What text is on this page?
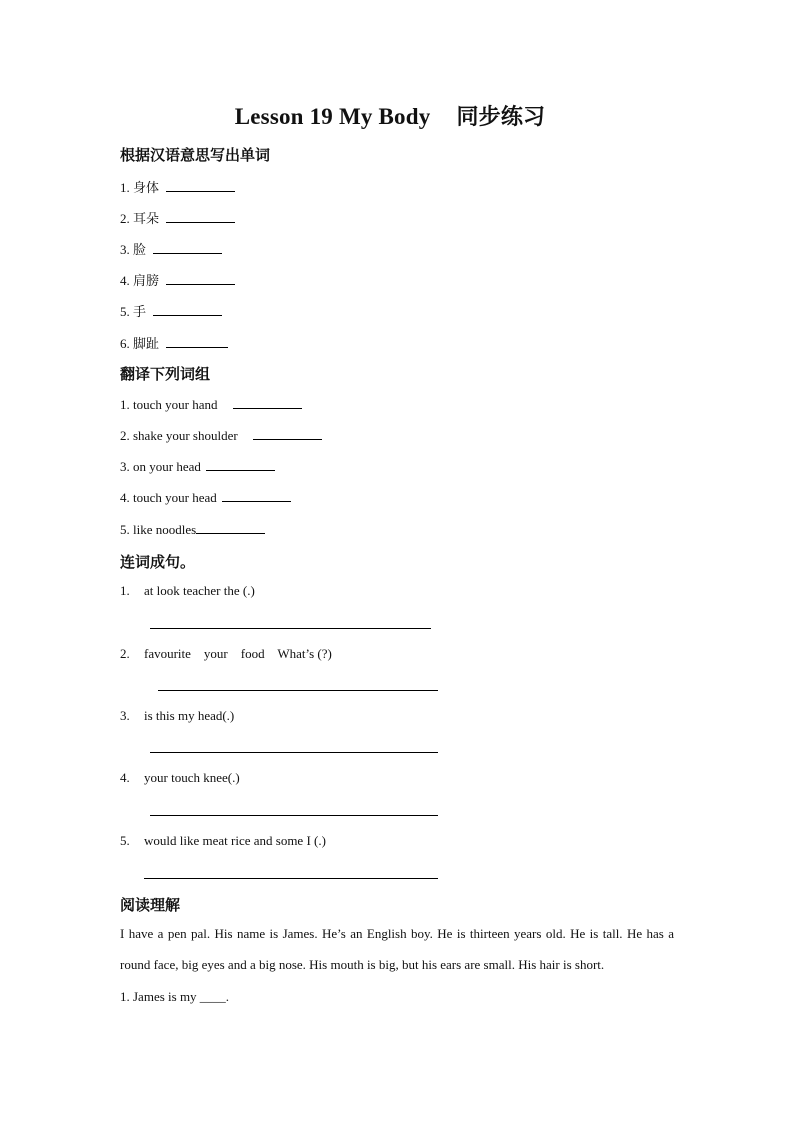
Lesson 19 My Body 同步练习
根据汉语意思写出单词
1. 身体
2. 耳朵
3. 脸
4. 肩膀
5. 手
6. 脚趾
翻译下列词组
1. touch your hand
2. shake your shoulder
3. on your head
4. touch your head
5. like noodles
连词成句。
1. at look teacher the (.)
2. favourite    your    food    What’s (?)
3. is this my head(.)
4. your touch knee(.)
5. would like meat rice and some I (.)
阅读理解
I have a pen pal. His name is James. He’s an English boy. He is thirteen years old. He is tall. He has a round face, big eyes and a big nose. His mouth is big, but his ears are small. His hair is short.
1. James is my ____.
